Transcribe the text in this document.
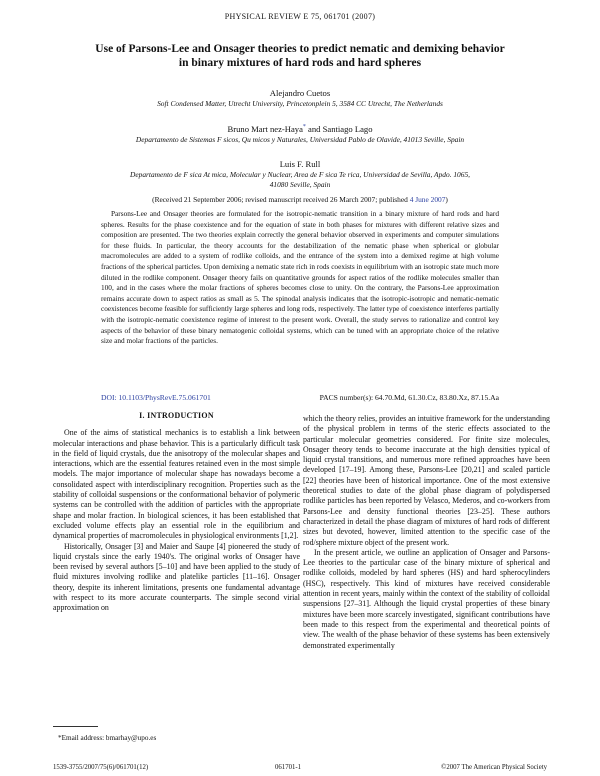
PHYSICAL REVIEW E 75, 061701 (2007)
Use of Parsons-Lee and Onsager theories to predict nematic and demixing behavior
in binary mixtures of hard rods and hard spheres
Alejandro Cuetos
Soft Condensed Matter, Utrecht University, Princetonplein 5, 3584 CC Utrecht, The Netherlands
Bruno Mart nez-Haya* and Santiago Lago
Departamento de Sistemas F sicos, Qu micos y Naturales, Universidad Pablo de Olavide, 41013 Seville, Spain
Luis F. Rull
Departamento de F sica At mica, Molecular y Nuclear, Area de F sica Te rica, Universidad de Sevilla, Apdo. 1065,
41080 Seville, Spain
(Received 21 September 2006; revised manuscript received 26 March 2007; published 4 June 2007)

Parsons-Lee and Onsager theories are formulated for the isotropic-nematic transition in a binary mixture of hard rods and hard spheres. Results for the phase coexistence and for the equation of state in both phases for mixtures with different relative sizes and composition are presented. The two theories explain correctly the general behavior observed in experiments and computer simulations for these fluids. In particular, the theory accounts for the destabilization of the nematic phase when spherical or globular macromolecules are added to a system of rodlike colloids, and the entrance of the system into a demixed regime at high volume fractions of the spherical particles. Upon demixing a nematic state rich in rods coexists in equilibrium with an isotropic state much more diluted in the rodlike component. Onsager theory fails on quantitative grounds for aspect ratios of the rodlike molecules smaller than 100, and in the cases where the molar fractions of spheres becomes close to unity. On the contrary, the Parsons-Lee approximation remains accurate down to aspect ratios as small as 5. The spinodal analysis indicates that the isotropic-isotropic and nematic-nematic coexistences become feasible for sufficiently large spheres and long rods, respectively. The latter type of coexistence interferes partially with the isotropic-nematic coexistence regime of interest to the present work. Overall, the study serves to rationalize and control key aspects of the behavior of these binary nematogenic colloidal systems, which can be tuned with an appropriate choice of the relative size and molar fractions of the particles.

DOI: 10.1103/PhysRevE.75.061701	PACS number(s): 64.70.Md, 61.30.Cz, 83.80.Xz, 87.15.Aa
I. INTRODUCTION

One of the aims of statistical mechanics is to establish a link between molecular interactions and phase behavior. This is a particularly difficult task in the field of liquid crystals, due the anisotropy of the molecular shapes and interactions, which are the essential features retained even in the most simple models. The major importance of molecular shape has nowadays become a consolidated aspect with interdisciplinary recognition. Properties such as the stability of colloidal suspensions or the conformational behavior of polymeric systems can be controlled with the addition of particles with the appropriate shape and molar fraction. In biological sciences, it has been established that excluded volume effects play an essential role in the equilibrium and dynamical properties of macromolecules in physiological environments [1,2].

Historically, Onsager [3] and Maier and Saupe [4] pioneered the study of liquid crystals since the early 1940's. The original works of Onsager have been revised by several authors [5–10] and have been applied to the study of fluid mixtures involving rodlike and platelike particles [11–16]. Onsager theory, despite its inherent limitations, presents one fundamental advantage with respect to its more accurate counterparts. The simple second virial approximation on

which the theory relies, provides an intuitive framework for the understanding of the physical problem in terms of the steric effects associated to the particular molecular geometries considered. For finite size molecules, Onsager theory tends to become inaccurate at the high densities typical of liquid crystal transitions, and numerous more refined approaches have been developed [17–19]. Among these, Parsons-Lee [20,21] and scaled particle [22] theories have been of historical importance. One of the most extensive theoretical studies to date of the global phase diagram of polydispersed rodlike particles has been reported by Velasco, Mederos, and co-workers from Parsons-Lee and density functional theories [23–25]. These authors characterized in detail the phase diagram of mixtures of hard rods of different sizes but devoted, however, limited attention to the specific case of the rod/sphere mixture object of the present work.

In the present article, we outline an application of Onsager and Parsons-Lee theories to the particular case of the binary mixture of spherical and rodlike colloids, modeled by hard spheres (HS) and hard spherocylinders (HSC), respectively. This kind of mixtures have received considerable attention in recent years, mainly within the context of the stability of colloidal suspensions [27–31]. Although the liquid crystal properties of these binary mixtures have been more scarcely investigated, significant contributions have been made to this respect from the experimental and theoretical points of view. The wealth of the phase behavior of these systems has been extensively demonstrated experimentally

*Email address: bmarhay@upo.es
1539-3755/2007/75(6)/061701(12)	061701-1	©2007 The American Physical Society
